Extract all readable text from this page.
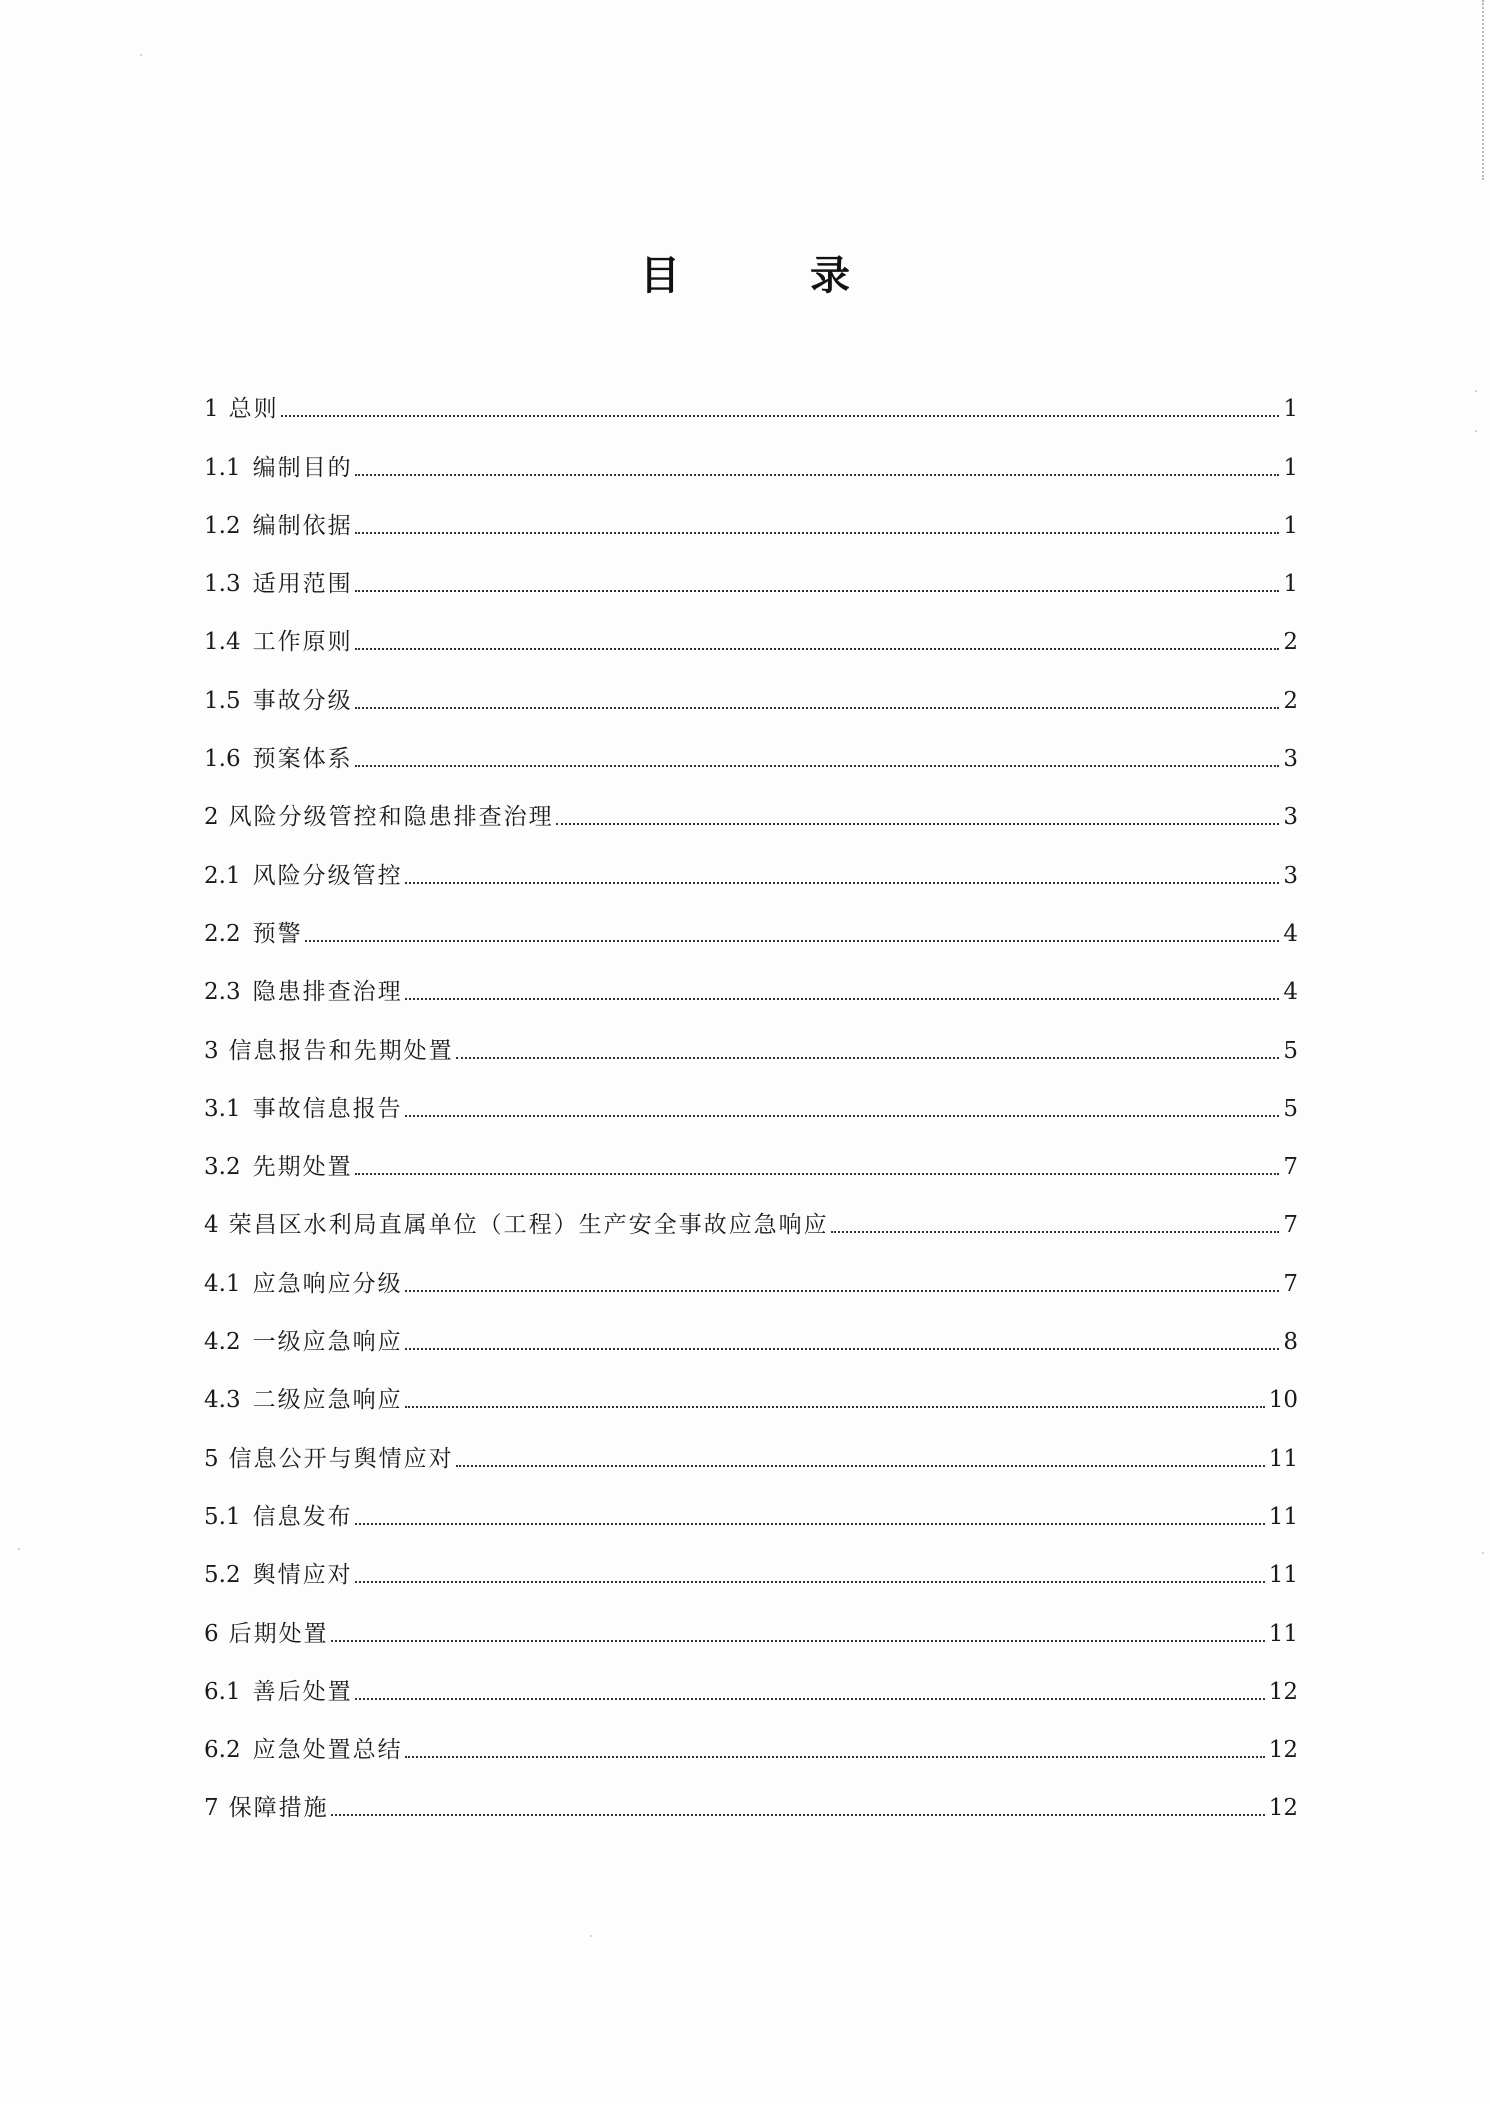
目 录
1 总则	1
1.1 编制目的	1
1.2 编制依据	1
1.3 适用范围	1
1.4 工作原则	2
1.5 事故分级	2
1.6 预案体系	3
2 风险分级管控和隐患排查治理	3
2.1 风险分级管控	3
2.2 预警	4
2.3 隐患排查治理	4
3 信息报告和先期处置	5
3.1 事故信息报告	5
3.2 先期处置	7
4 荣昌区水利局直属单位（工程）生产安全事故应急响应	7
4.1 应急响应分级	7
4.2 一级应急响应	8
4.3 二级应急响应	10
5 信息公开与舆情应对	11
5.1 信息发布	11
5.2 舆情应对	11
6 后期处置	11
6.1 善后处置	12
6.2 应急处置总结	12
7 保障措施	12
